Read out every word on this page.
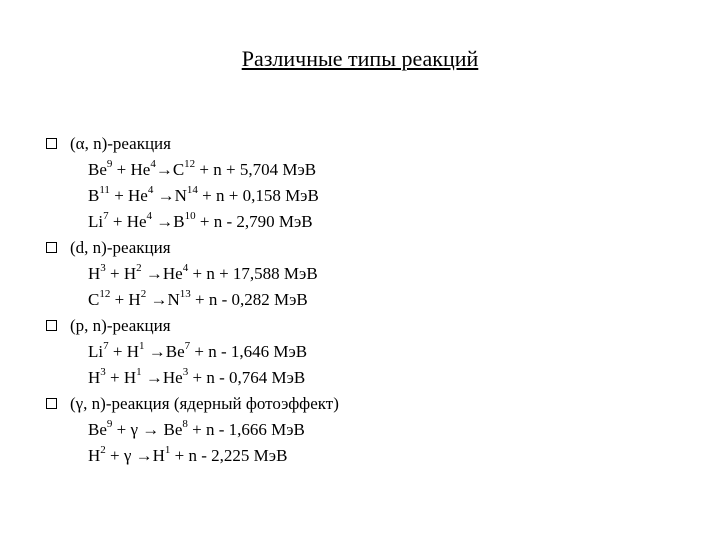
Различные типы реакций
(α, n)-реакция
$Be^9 + He^4\to C^{12} + n + 5,704$ МэВ
$B^{11} + He^4 \to N^{14} + n + 0,158$ МэВ
$Li^7 + He^4 \to B^{10} + n - 2,790$ МэВ
(d, n)-реакция
$H^3 + H^2 \to He^4 + n + 17,588$ МэВ
$C^{12} + H^2 \to N^{13} + n - 0,282$ МэВ
(p, n)-реакция
$Li^7 + H^1 \to Be^7 + n - 1,646$ МэВ
$H^3 + H^1 \to He^3 + n - 0,764$ МэВ
(γ, n)-реакция (ядерный фотоэффект)
$Be^9 + \gamma \to Be^8 + n - 1,666$ МэВ
$H^2 + \gamma \to H^1 + n - 2,225$ МэВ
